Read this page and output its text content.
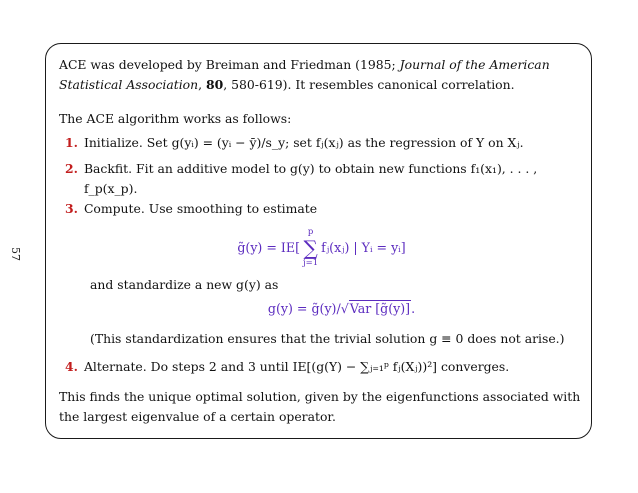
57

ACE was developed by Breiman and Friedman (1985; Journal of the American Statistical Association, 80, 580-619). It resembles canonical correlation.

The ACE algorithm works as follows:

1. Initialize. Set g(yᵢ) = (yᵢ − ȳ)/s_y; set fⱼ(xⱼ) as the regression of Y on Xⱼ.

2. Backfit. Fit an additive model to g(y) to obtain new functions f₁(x₁), . . . , f_p(x_p).

3. Compute. Use smoothing to estimate

g̃(y) = IE[
p
∑
j=1
fⱼ(xⱼ) | Yᵢ = yᵢ]

and standardize a new g(y) as

g(y) = g̃(y)/√Var [g̃(y)].

(This standardization ensures that the trivial solution g ≡ 0 does not arise.)

4. Alternate. Do steps 2 and 3 until IE[(g(Y) − ∑ⱼ₌₁ᵖ fⱼ(Xⱼ))²] converges.

This finds the unique optimal solution, given by the eigenfunctions associated with the largest eigenvalue of a certain operator.
